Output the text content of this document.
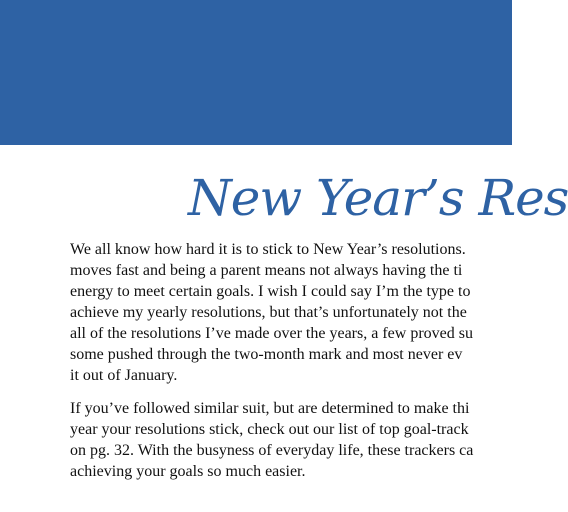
New Year’s Res

We all know how hard it is to stick to New Year’s resolutions.
moves fast and being a parent means not always having the ti
energy to meet certain goals. I wish I could say I’m the type to
achieve my yearly resolutions, but that’s unfortunately not the
all of the resolutions I’ve made over the years, a few proved su
some pushed through the two-month mark and most never ev
it out of January.

If you’ve followed similar suit, but are determined to make thi
year your resolutions stick, check out our list of top goal-track
on pg. 32. With the busyness of everyday life, these trackers ca
achieving your goals so much easier.
